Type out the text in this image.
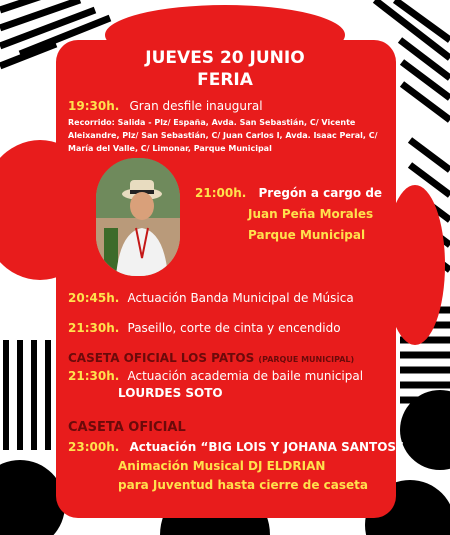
JUEVES 20 JUNIO
FERIA
19:30h. Gran desfile inaugural
Recorrido: Salida - Plz/ España, Avda. San Sebastián, C/ Vicente Aleixandre, Plz/ San Sebastián, C/ Juan Carlos I, Avda. Isaac Peral, C/ María del Valle, C/ Limonar, Parque Municipal
21:00h. Pregón a cargo de
Juan Peña Morales
Parque Municipal
20:45h. Actuación Banda Municipal de Música
21:30h. Paseillo, corte de cinta y encendido
CASETA OFICIAL LOS PATOS (PARQUE MUNICIPAL)
21:30h. Actuación academia de baile municipal
LOURDES SOTO
CASETA OFICIAL
23:00h. Actuación “BIG LOIS Y JOHANA SANTOS”
Animación Musical DJ ELDRIAN
para Juventud hasta cierre de caseta
